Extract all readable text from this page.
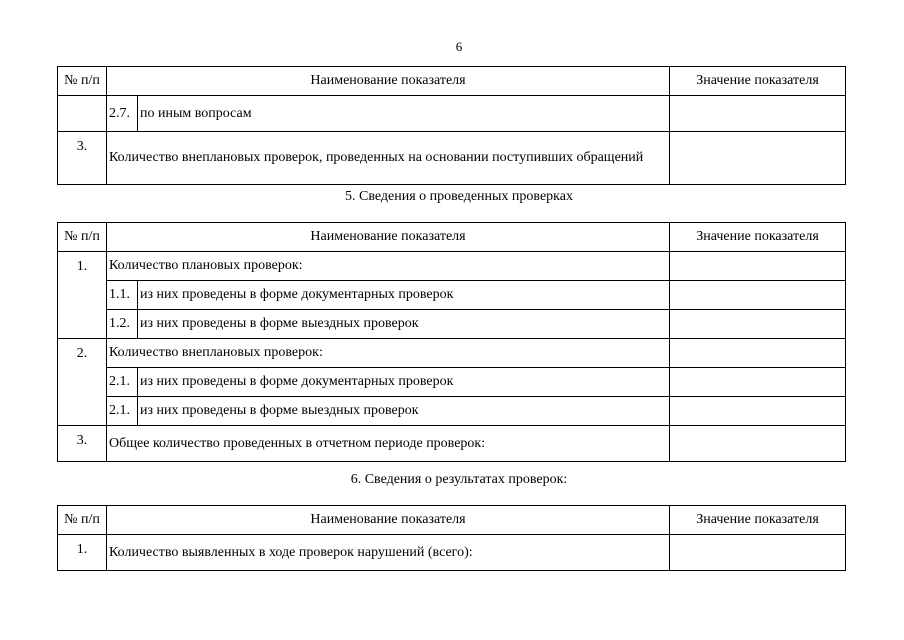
6
№ п/п	Наименование показателя		Значение показателя
	2.7.	по иным вопросам	
3.	Количество внеплановых проверок, проведенных на основании поступивших обращений		
5. Сведения о проведенных проверках
№ п/п	Наименование показателя		Значение показателя
1.	Количество плановых проверок:		
	1.1.	из них проведены в форме документарных проверок	
	1.2.	из них проведены в форме выездных проверок	
2.	Количество внеплановых проверок:		
	2.1.	из них проведены в форме документарных проверок	
	2.1.	из них проведены в форме выездных проверок	
3.	Общее количество проведенных в отчетном периоде проверок:		
6. Сведения о результатах проверок:
№ п/п	Наименование показателя	Значение показателя
1.	Количество выявленных в ходе проверок нарушений (всего):	
